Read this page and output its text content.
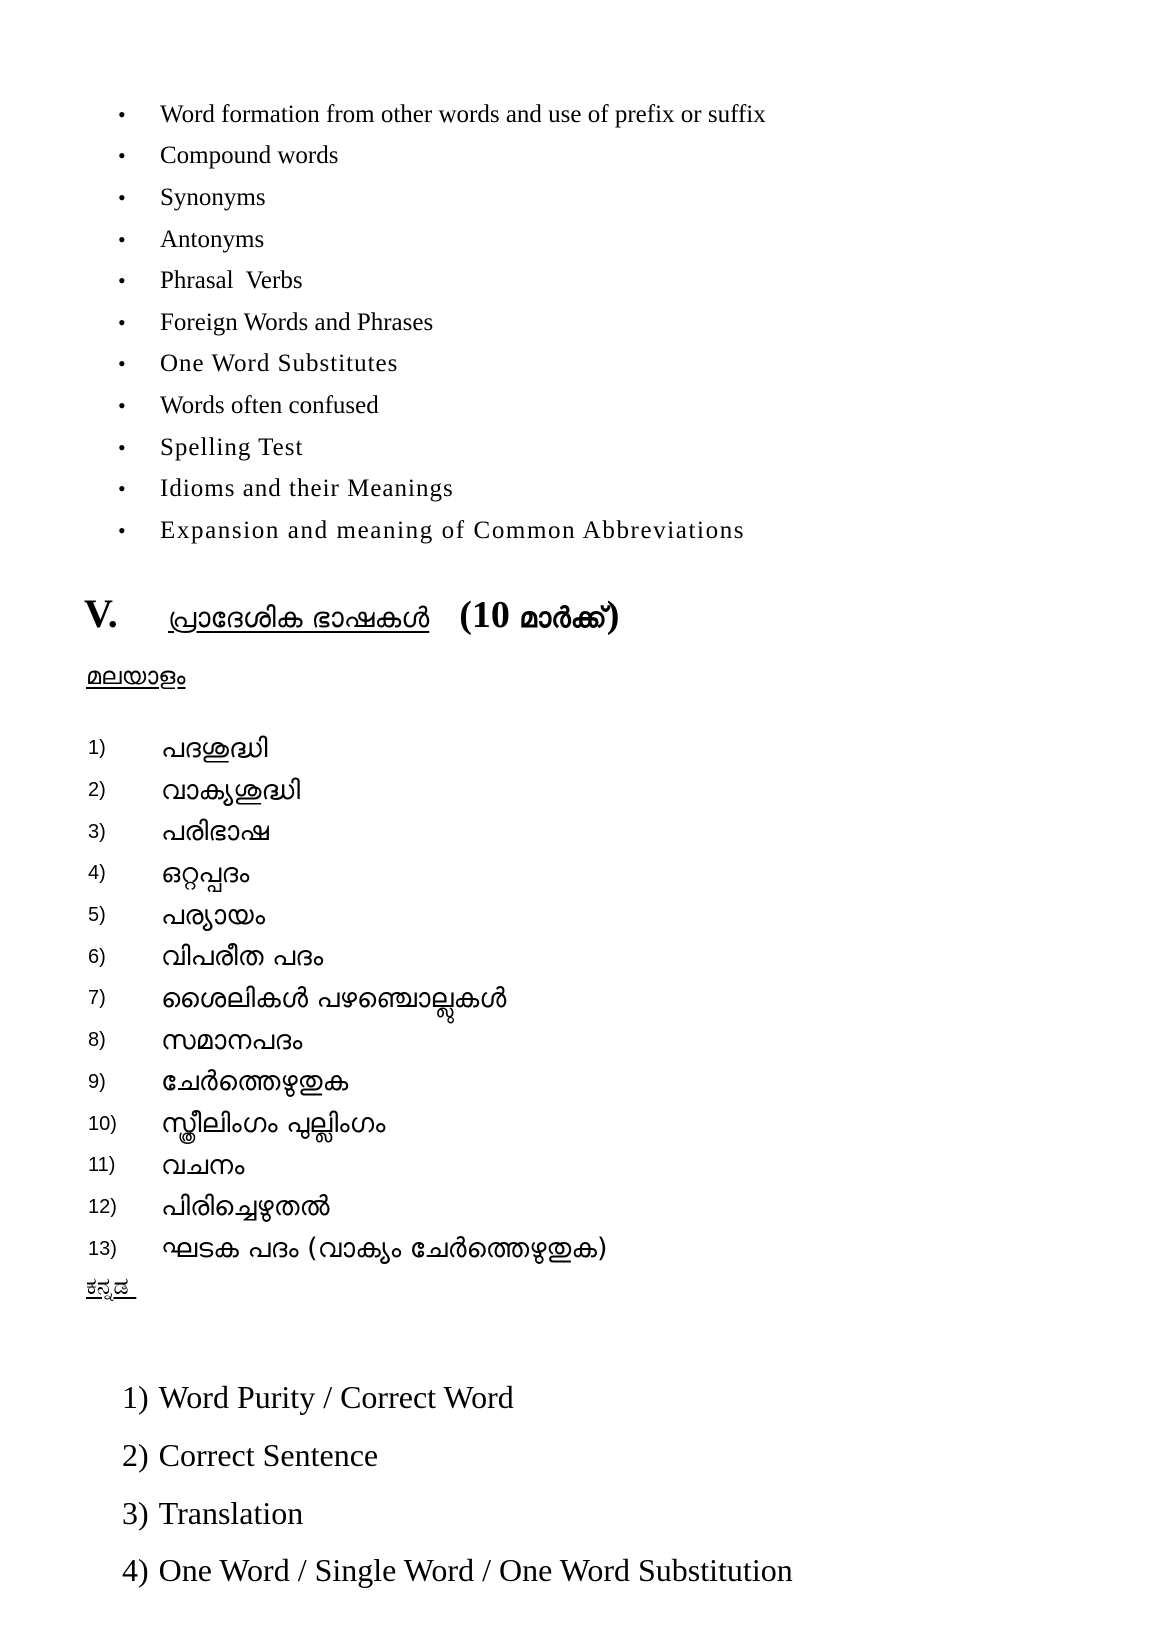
•	Word formation from other words and use of prefix or suffix
•	Compound words
•	Synonyms
•	Antonyms
•	Phrasal  Verbs
•	Foreign Words and Phrases
•	One Word Substitutes
•	Words often confused
•	Spelling Test
•	Idioms and their Meanings
•	Expansion and meaning of Common Abbreviations
V.	പ്രാദേശിക ഭാഷകൾ (10 മാർക്ക്)
മലയാളം
1)	പദശുദ്ധി
2)	വാക്യശുദ്ധി
3)	പരിഭാഷ
4)	ഒറ്റപ്പദം
5)	പര്യായം
6)	വിപരീത പദം
7)	ശൈലികൾ പഴഞ്ചൊല്ലുകൾ
8)	സമാനപദം
9)	ചേർത്തെഴുതുക
10)	സ്ത്രീലിംഗം പുല്ലിംഗം
11)	വചനം
12)	പിരിച്ചെഴുതൽ
13)	ഘടക പദം (വാക്യം ചേർത്തെഴുതുക)
ಕನ್ನಡ
1) Word Purity / Correct Word
2) Correct Sentence
3) Translation
4) One Word / Single Word / One Word Substitution
